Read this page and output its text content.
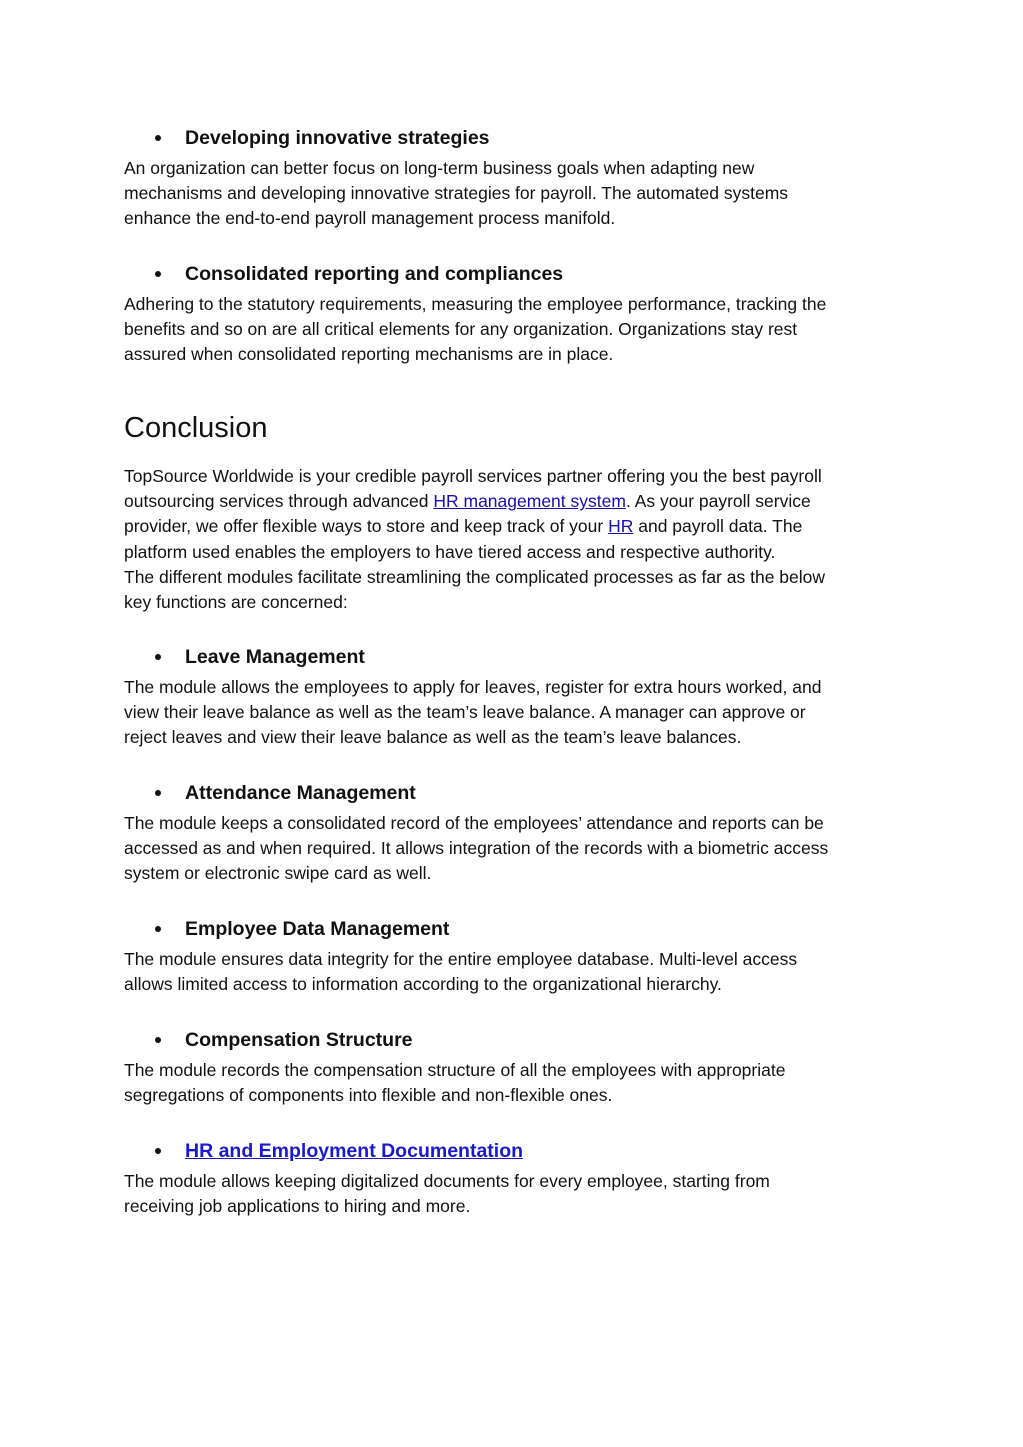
Developing innovative strategies
An organization can better focus on long-term business goals when adapting new
mechanisms and developing innovative strategies for payroll. The automated systems
enhance the end-to-end payroll management process manifold.
Consolidated reporting and compliances
Adhering to the statutory requirements, measuring the employee performance, tracking the
benefits and so on are all critical elements for any organization. Organizations stay rest
assured when consolidated reporting mechanisms are in place.
Conclusion
TopSource Worldwide is your credible payroll services partner offering you the best payroll
outsourcing services through advanced HR management system. As your payroll service
provider, we offer flexible ways to store and keep track of your HR and payroll data. The
platform used enables the employers to have tiered access and respective authority.
The different modules facilitate streamlining the complicated processes as far as the below
key functions are concerned:
Leave Management
The module allows the employees to apply for leaves, register for extra hours worked, and
view their leave balance as well as the team’s leave balance. A manager can approve or
reject leaves and view their leave balance as well as the team’s leave balances.
Attendance Management
The module keeps a consolidated record of the employees’ attendance and reports can be
accessed as and when required. It allows integration of the records with a biometric access
system or electronic swipe card as well.
Employee Data Management
The module ensures data integrity for the entire employee database. Multi-level access
allows limited access to information according to the organizational hierarchy.
Compensation Structure
The module records the compensation structure of all the employees with appropriate
segregations of components into flexible and non-flexible ones.
HR and Employment Documentation
The module allows keeping digitalized documents for every employee, starting from
receiving job applications to hiring and more.
